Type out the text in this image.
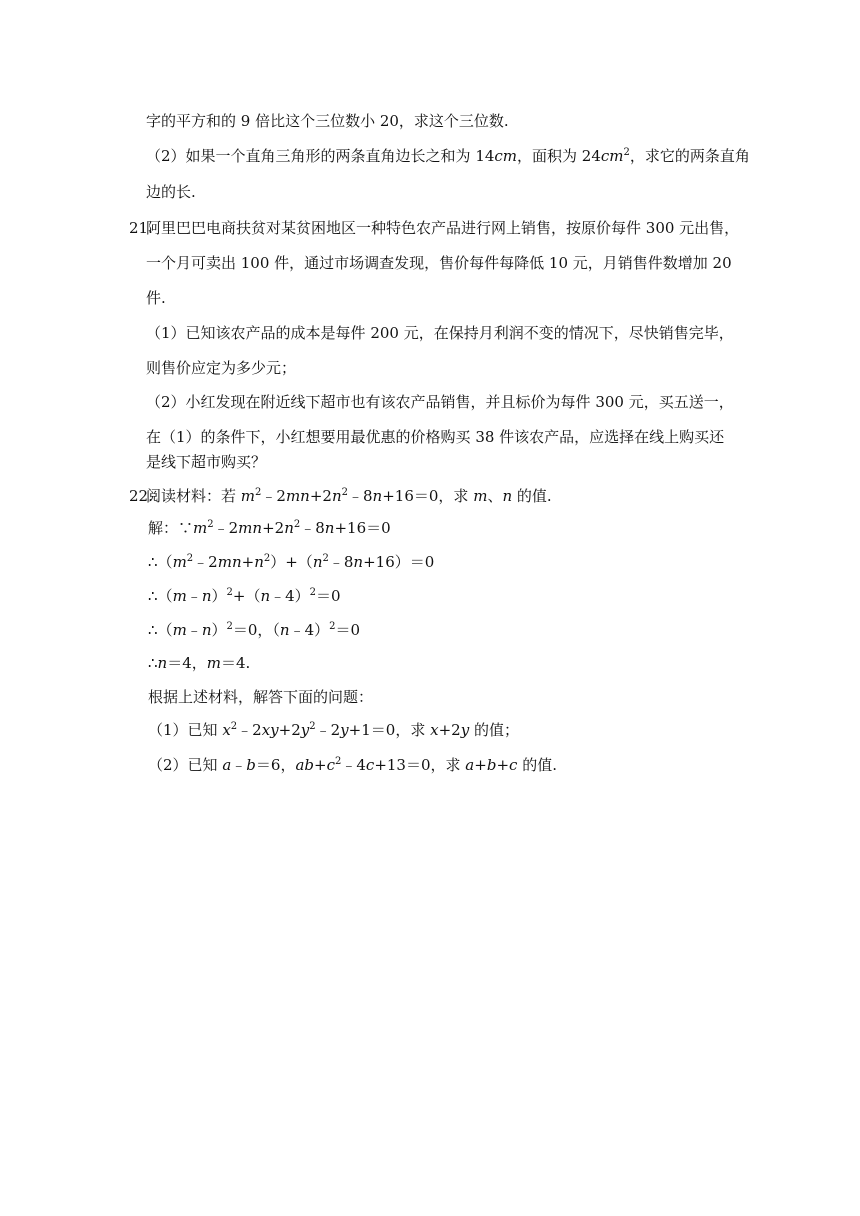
字的平方和的 9 倍比这个三位数小 20，求这个三位数.
（2）如果一个直角三角形的两条直角边长之和为 14cm，面积为 $24cm^2$，求它的两条直角
边的长.
21.
阿里巴巴电商扶贫对某贫困地区一种特色农产品进行网上销售，按原价每件 300 元出售，
一个月可卖出 100 件，通过市场调查发现，售价每件每降低 10 元，月销售件数增加 20
件.
（1）已知该农产品的成本是每件 200 元，在保持月利润不变的情况下，尽快销售完毕，
则售价应定为多少元；
（2）小红发现在附近线下超市也有该农产品销售，并且标价为每件 300 元，买五送一，
在（1）的条件下，小红想要用最优惠的价格购买 38 件该农产品，应选择在线上购买还
是线下超市购买？
22.
阅读材料：若 $m^2﹣2mn+2n^2﹣8n+16=0$，求 m、n 的值.
解：$\because m^2﹣2mn+2n^2﹣8n+16=0$
$\therefore(m^2﹣2mn+n^2)+(n^2﹣8n+16)=0$
∴（m﹣n）$^2$+（n﹣4）$^2$＝0
∴（m﹣n）$^2$＝0，（n﹣4）$^2$＝0
∴n＝4，m＝4.
根据上述材料，解答下面的问题：
（1）已知 $x^2﹣2xy+2y^2﹣2y+1=0$，求 x+2y 的值；
（2）已知 a﹣b＝6，$ab+c^2﹣4c+13=0$，求 a+b+c 的值.
